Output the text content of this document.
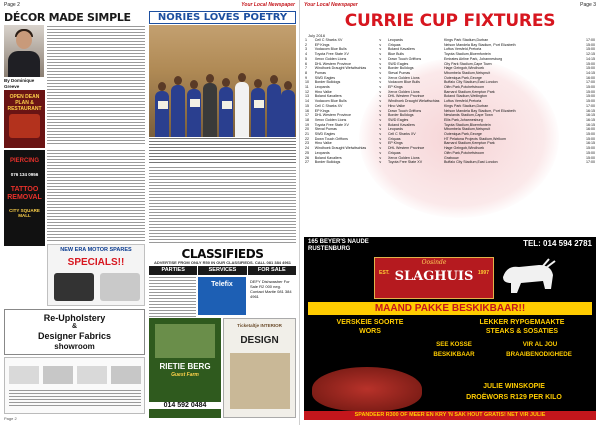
Page 2	Your Local Newspaper
DÉCOR MADE SIMPLE
By Dominique Greeve
OPEN DEAN PLAN & RESTAURANT
PIERCING
076 134 0956
TATTOO REMOVAL
CITY SQUARE MALL
NEW ERA MOTOR SPARES
SPECIALS!!
Re-Upholstery
&
Designer Fabrics
showroom
NORIES LOVES POETRY
CLASSIFIEDS
ADVERTISE FROM ONLY R50 IN OUR CLASSIFIEDS. CALL 081 384 4961
PARTIES	SERVICES	FOR SALE
Telefix	DEFY Dishwasher For Sale R2 000 neg. Contact Martie 081 384 4961
RIETIE BERG
Guest Farm
014 592 0484
Ticketaltje INTERIOR
DESIGN
Page 2
Your Local Newspaper	Page 3
CURRIE CUP FIXTURES
July 2016
1	Cell C Sharks XV	v	Leopards	Kings Park Stadium,Durban	17:00
2	EP Kings	v	Griquas	Nelson Mandela Bay Stadium, Port Elizabeth	15:00
3	Vodacom Blue Bulls	v	Boland Kavaliers	Loftus Versfeld,Pretoria	15:00
4	Toyota Free State XV	v	Blue Bulls	Toyota Stadium,Bloemfontein	12:15
5	Xerox Golden Lions	v	Down Touch Griffons	Emirates Airline Park, Johannesburg	14:15
6	DHL Western Province	v	SWD Eagles	City Park Stadium,Cape Town	15:00
7	Windhoek Draught Welwitschias	v	Border Bulldogs	Hage Geingob,Windhoek	15:00
8	Pumas	v	Steval Pumas	Mbombela Stadium,Nelspruit	14:15
9	SWD Eagles	v	Xerox Golden Lions	Outeniqua Park,George	16:00
10	Border Bulldogs	v	Vodacom Blue Bulls	Buffalo City Stadium,East London	17:00
11	Leopards	v	EP Kings	Olën Park,Potchefstroom	15:00
12	Hino Valke	v	Xerox Golden Lions	Barnard Stadium,Kempton Park	15:00
13	Boland Kavaliers	v	DHL Western Province	Boland Stadium,Wellington	15:00
14	Vodacom Blue Bulls	v	Windhoek Draught Welwitschias	Loftus Versfeld,Pretoria	15:00
15	Cell C Sharks XV	v	Hino Valke	Kings Park Stadium,Durban	17:00
16	EP Kings	v	Down Touch Griffons	Nelson Mandela Bay Stadium, Port Elizabeth	16:15
17	DHL Western Province	v	Border Bulldogs	Newlands Stadium,Cape Town	16:15
18	Xerox Golden Lions	v	SWD Eagles	Ellis Park,Johannesburg	16:15
19	Toyota Free State XV	v	Boland Kavaliers	Toyota Stadium,Bloemfontein	16:15
20	Steval Pumas	v	Leopards	Mbombela Stadium,Nelspruit	16:00
21	SWD Eagles	v	Cell C Sharks XV	Outeniqua Park,George	15:00
22	Down Touch Griffons	v	Griquas	HT Pelatona Projects Stadium,Welkom	15:00
23	Hino Valke	v	EP Kings	Barnard Stadium,Kempton Park	16:15
24	Windhoek Draught Welwitschias	v	DHL Western Province	Hage Geingob,Windhoek	15:00
25	Leopards	v	Griquas	Olën Park,Potchefstroom	15:00
26	Boland Kavaliers	v	Xerox Golden Lions	Grabouw	15:00
27	Border Bulldogs	v	Toyota Free State XV	Buffalo City Stadium,East London	17:00
165 BEYER'S NAUDE
RUSTENBURG
TEL: 014 594 2781
Oosinde
SLAGHUIS
EST.	1997
MAAND PAKKE BESKIKBAAR!!
VERSKEIE SOORTE
WORS
LEKKER RYPGEMAAKTE
STEAKS & SOSATIES
SEE KOSSE	VIR AL JOU
BESKIKBAAR	BRAAIBENODIGHEDE
JULIE WINSKOPIE
DROËWORS R129 PER KILO
SPANDEER R300 OF MEER EN KRY 'N SAK HOUT GRATIS! NET VIR JULIE
